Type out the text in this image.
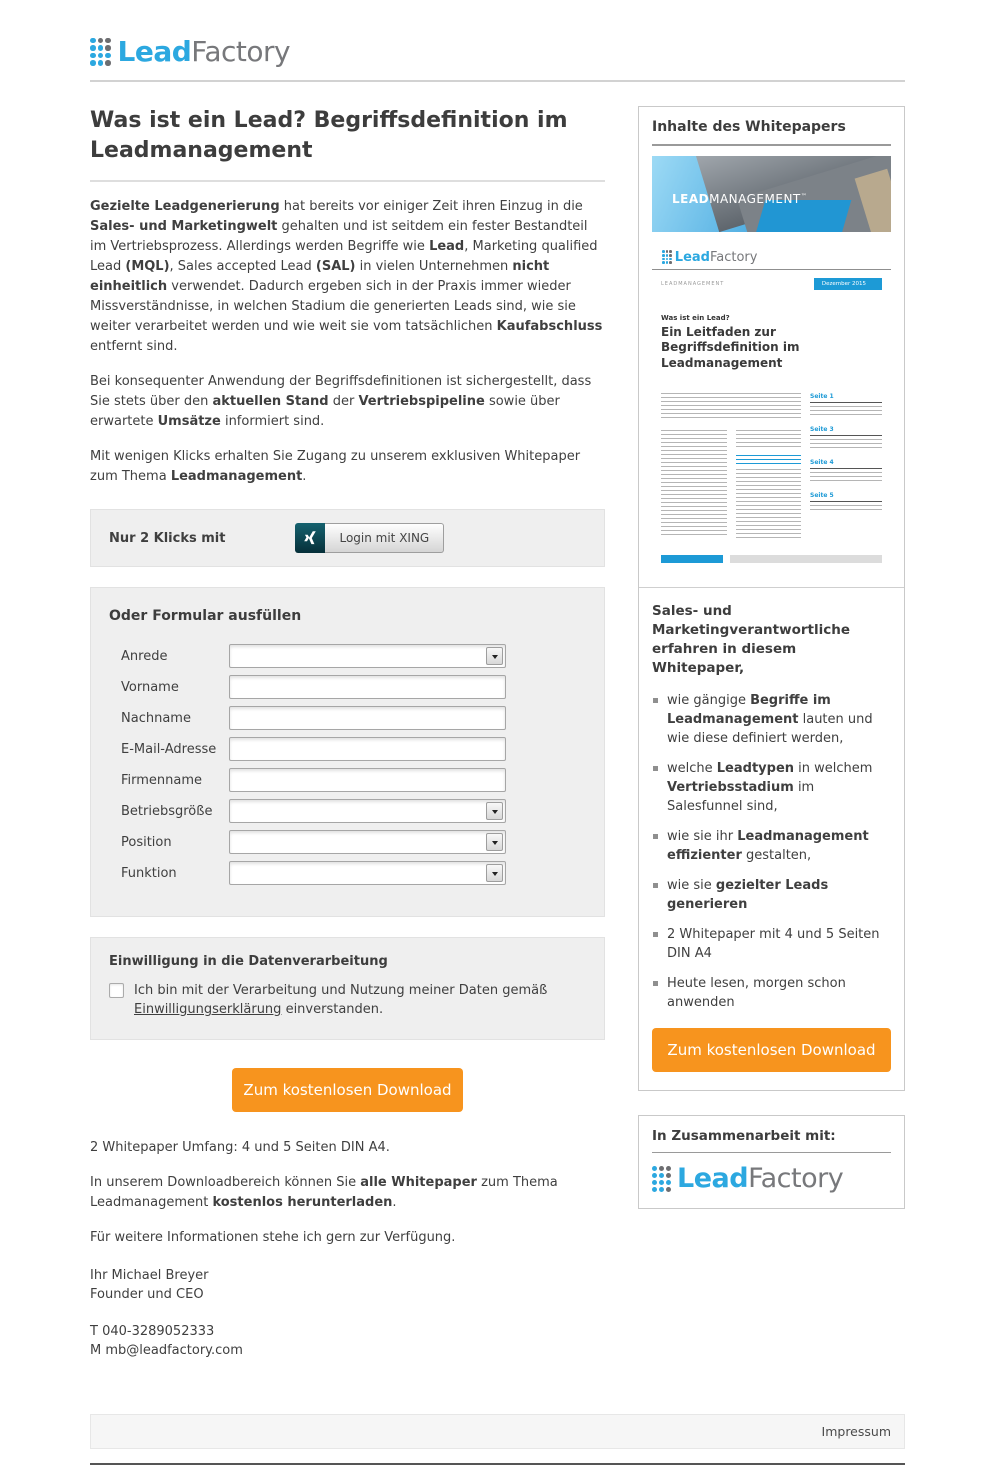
LeadFactory
Was ist ein Lead? Begriffsdefinition im Leadmanagement

Gezielte Leadgenerierung hat bereits vor einiger Zeit ihren Einzug in die Sales- und Marketingwelt gehalten und ist seitdem ein fester Bestandteil im Vertriebsprozess. Allerdings werden Begriffe wie Lead, Marketing qualified Lead (MQL), Sales accepted Lead (SAL) in vielen Unternehmen nicht einheitlich verwendet. Dadurch ergeben sich in der Praxis immer wieder Missverständnisse, in welchen Stadium die generierten Leads sind, wie sie weiter verarbeitet werden und wie weit sie vom tatsächlichen Kaufabschluss entfernt sind.

Bei konsequenter Anwendung der Begriffsdefinitionen ist sichergestellt, dass Sie stets über den aktuellen Stand der Vertriebspipeline sowie über erwartete Umsätze informiert sind.

Mit wenigen Klicks erhalten Sie Zugang zu unserem exklusiven Whitepaper zum Thema Leadmanagement.

Nur 2 Klicks mit	Login mit XING
Oder Formular ausfüllen
Anrede
Vorname
Nachname
E-Mail-Adresse
Firmenname
Betriebsgröße
Position
Funktion
Einwilligung in die Datenverarbeitung
Ich bin mit der Verarbeitung und Nutzung meiner Daten gemäß Einwilligungserklärung einverstanden.
Zum kostenlosen Download

2 Whitepaper Umfang: 4 und 5 Seiten DIN A4.

In unserem Downloadbereich können Sie alle Whitepaper zum Thema Leadmanagement kostenlos herunterladen.

Für weitere Informationen stehe ich gern zur Verfügung.

Ihr Michael Breyer
Founder und CEO
T 040-3289052333
M mb@leadfactory.com
Inhalte des Whitepapers
LEADMANAGEMENT™
LeadFactory
LEADMANAGEMENT	Dezember 2015
Was ist ein Lead?
Ein Leitfaden zur Begriffsdefinition im Leadmanagement
Seite 1
Seite 3
Seite 4
Seite 5
Sales- und Marketingverantwortliche erfahren in diesem Whitepaper,
wie gängige Begriffe im Leadmanagement lauten und wie diese definiert werden,
welche Leadtypen in welchem Vertriebsstadium im Salesfunnel sind,
wie sie ihr Leadmanagement effizienter gestalten,
wie sie gezielter Leads generieren
2 Whitepaper mit 4 und 5 Seiten DIN A4
Heute lesen, morgen schon anwenden
Zum kostenlosen Download
In Zusammenarbeit mit:
LeadFactory
Impressum
